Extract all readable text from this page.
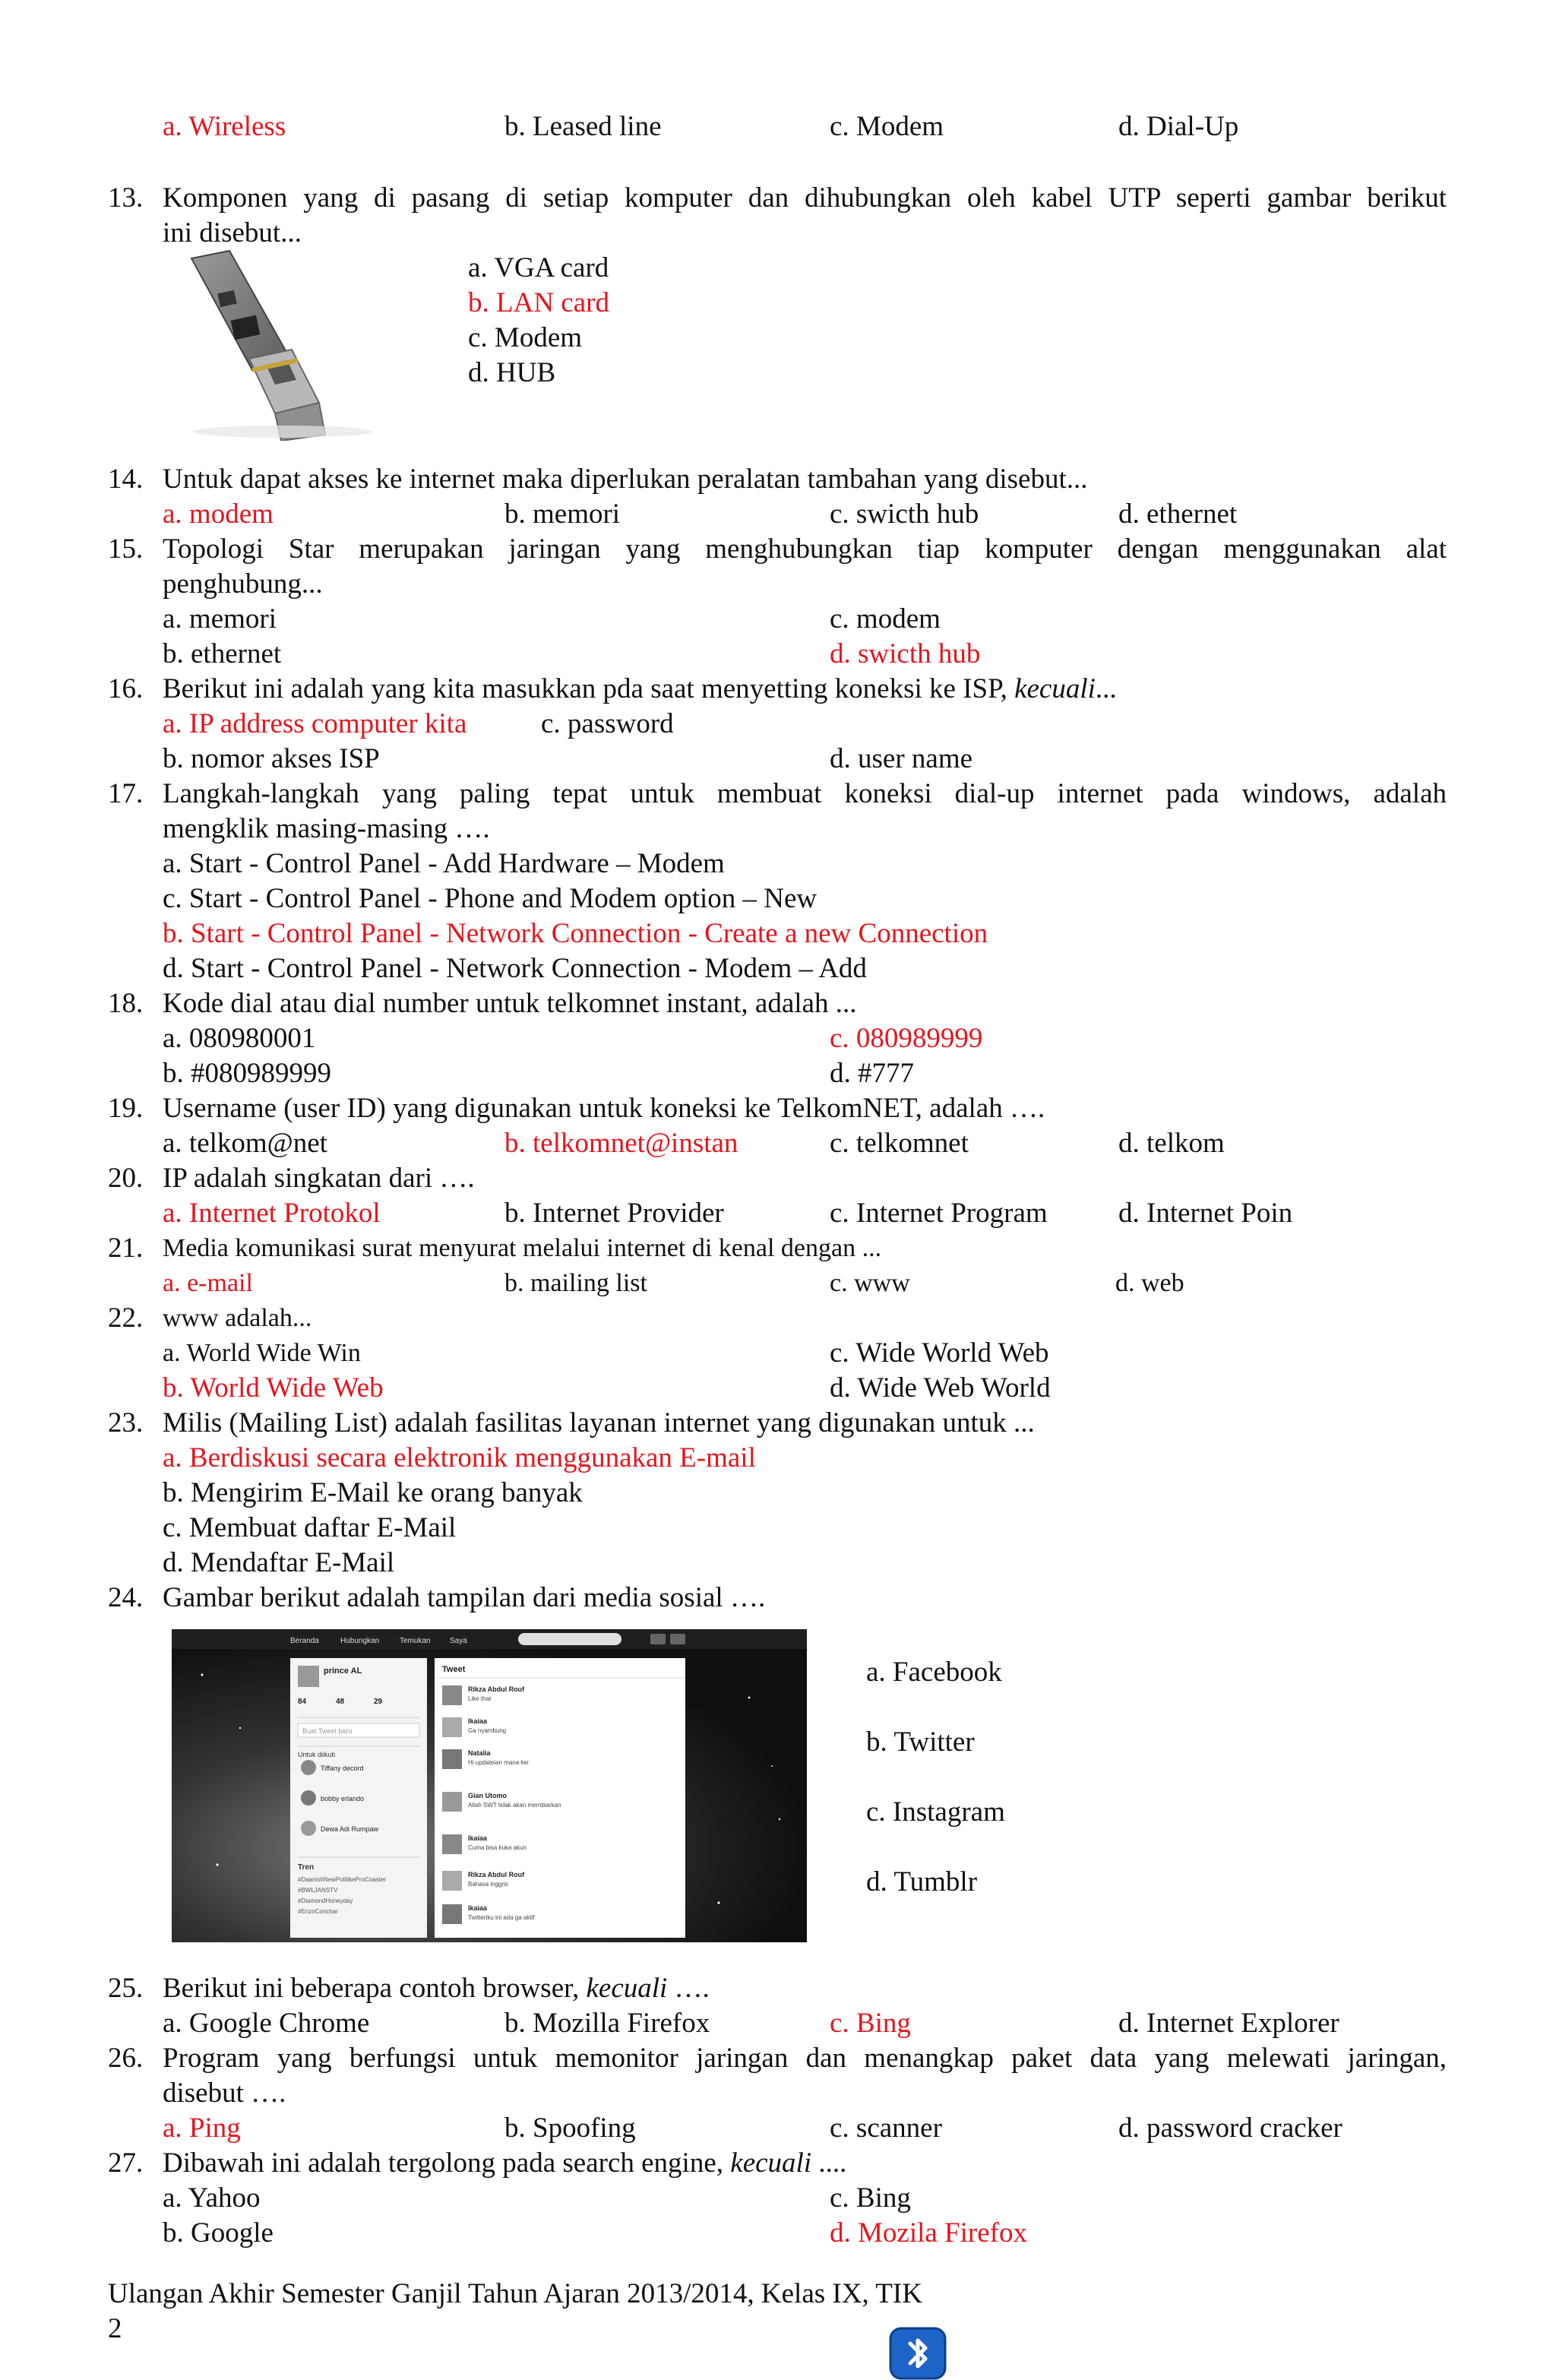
a. Wireless	b. Leased line	c. Modem	d. Dial-Up
13. Komponen yang di pasang di setiap komputer dan dihubungkan oleh kabel UTP seperti gambar berikut
ini disebut...
a. VGA card
b. LAN card
c. Modem
d. HUB
14. Untuk dapat akses ke internet maka diperlukan peralatan tambahan yang disebut...
a. modem	b. memori	c. swicth hub	d. ethernet
15. Topologi Star merupakan jaringan yang menghubungkan tiap komputer dengan menggunakan alat
penghubung...
a. memori	c. modem
b. ethernet	d. swicth hub
16. Berikut ini adalah yang kita masukkan pda saat menyetting koneksi ke ISP, kecuali...
a. IP address computer kita	c. password
b. nomor akses ISP	d. user name
17. Langkah-langkah yang paling tepat untuk membuat koneksi dial-up internet pada windows, adalah
mengklik masing-masing ….
a. Start - Control Panel - Add Hardware – Modem
c. Start - Control Panel - Phone and Modem option – New
b. Start - Control Panel - Network Connection - Create a new Connection
d. Start - Control Panel - Network Connection - Modem – Add
18. Kode dial atau dial number untuk telkomnet instant, adalah ...
a. 080980001	c. 080989999
b. #080989999	d. #777
19. Username (user ID) yang digunakan untuk koneksi ke TelkomNET, adalah ….
a. telkom@net	b. telkomnet@instan	c. telkomnet	d. telkom
20. IP adalah singkatan dari ….
a. Internet Protokol	b. Internet Provider	c. Internet Program	d. Internet Poin
21. Media komunikasi surat menyurat melalui internet di kenal dengan ...
a. e-mail	b. mailing list	c. www	d. web
22. www adalah...
a. World Wide Win	c. Wide World Web
b. World Wide Web	d. Wide Web World
23. Milis (Mailing List) adalah fasilitas layanan internet yang digunakan untuk ...
a. Berdiskusi secara elektronik menggunakan E-mail
b. Mengirim E-Mail ke orang banyak
c. Membuat daftar E-Mail
d. Mendaftar E-Mail
24. Gambar berikut adalah tampilan dari media sosial ….
Beranda	Hubungkan	Temukan	Saya
prince AL
84	48	29
Buat Tweet baru
Untuk diikuti
Tiffany decord
bobby erlando
Dewa Adi Rumpaw
Tren
#DaanishNewPolitikeProCoaster
#BWLJANSTV
#DiamondHoneyday
#EnzoConchar
Tweet
Rikza Abdul Rouf
Like that
Ikaiaa
Ga nyambung
Natalia
Hi updateian mana kei
Gian Utomo
Allah SWT tidak akan membiarkan
Ikaiaa
Cuma bisa kuka akun
Rikza Abdul Rouf
Bahasa inggris
Ikaiaa
Twitteriku ini ada ga aktif
a. Facebook
b. Twitter
c. Instagram
d. Tumblr
25. Berikut ini beberapa contoh browser, kecuali ….
a. Google Chrome	b. Mozilla Firefox	c. Bing	d. Internet Explorer
26. Program yang berfungsi untuk memonitor jaringan dan menangkap paket data yang melewati jaringan,
disebut ….
a. Ping	b. Spoofing	c. scanner	d. password cracker
27. Dibawah ini adalah tergolong pada search engine, kecuali ....
a. Yahoo	c. Bing
b. Google	d. Mozila Firefox
Ulangan Akhir Semester Ganjil Tahun Ajaran 2013/2014, Kelas IX, TIK
2
